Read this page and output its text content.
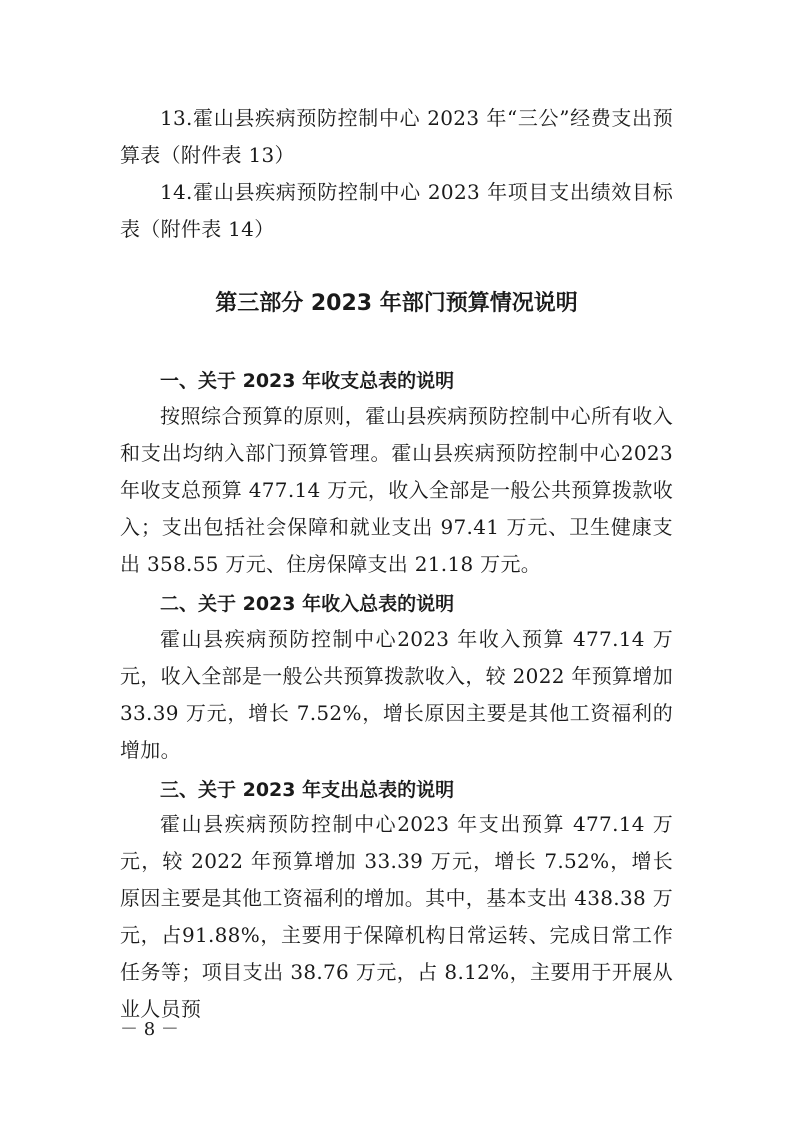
13.霍山县疾病预防控制中心 2023 年“三公”经费支出预算表（附件表 13）

14.霍山县疾病预防控制中心 2023 年项目支出绩效目标表（附件表 14）

第三部分 2023 年部门预算情况说明
一、关于 2023 年收支总表的说明

按照综合预算的原则，霍山县疾病预防控制中心所有收入和支出均纳入部门预算管理。霍山县疾病预防控制中心2023 年收支总预算 477.14 万元，收入全部是一般公共预算拨款收入；支出包括社会保障和就业支出 97.41 万元、卫生健康支出 358.55 万元、住房保障支出 21.18 万元。

二、关于 2023 年收入总表的说明

霍山县疾病预防控制中心2023 年收入预算 477.14 万元，收入全部是一般公共预算拨款收入，较 2022 年预算增加33.39 万元，增长 7.52%，增长原因主要是其他工资福利的增加。

三、关于 2023 年支出总表的说明

霍山县疾病预防控制中心2023 年支出预算 477.14 万元，较 2022 年预算增加 33.39 万元，增长 7.52%，增长原因主要是其他工资福利的增加。其中，基本支出 438.38 万元，占91.88%，主要用于保障机构日常运转、完成日常工作任务等；项目支出 38.76 万元，占 8.12%，主要用于开展从业人员预

－ 8 －
